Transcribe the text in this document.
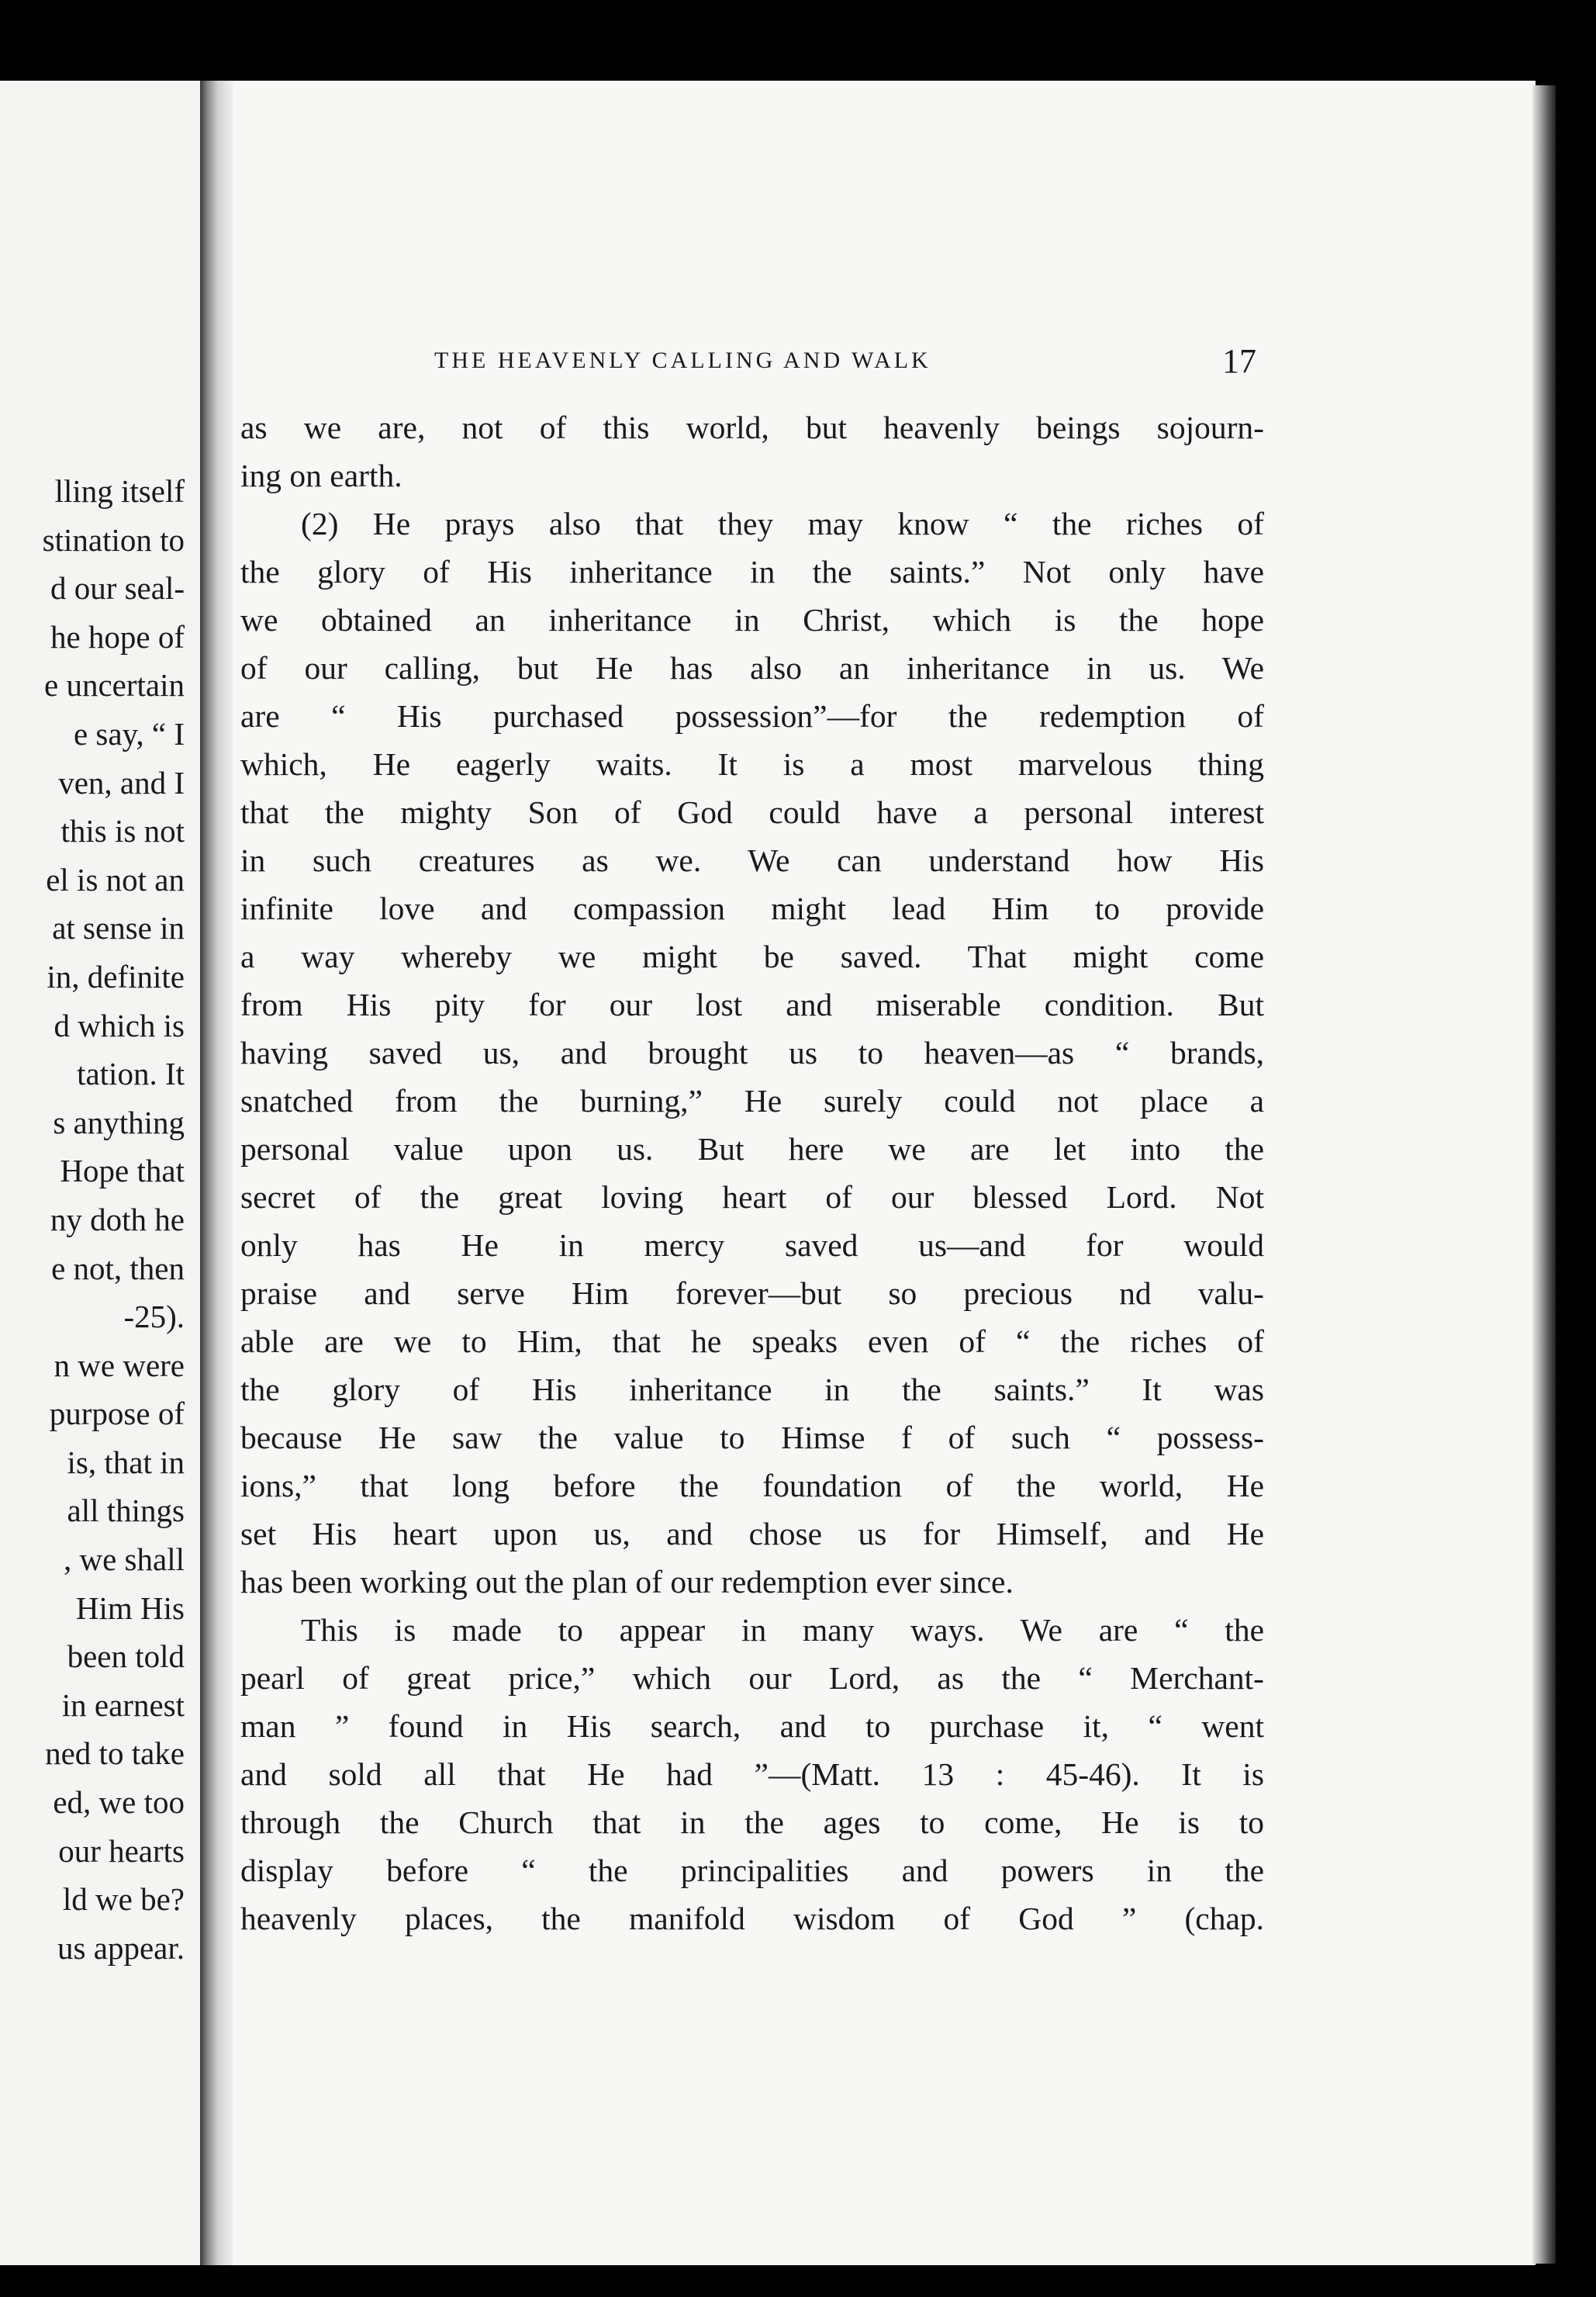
lling itself
stination to
d our seal-
he hope of
e uncertain
e say, “ I
ven, and I
this is not
el is not an
at sense in
in, definite
d which is
tation. It
s anything
Hope that
ny doth he
e not, then
-25).
n we were
purpose of
is, that in
all things
, we shall
Him His
been told
in earnest
ned to take
ed, we too
our hearts
ld we be?
us appear.
THE HEAVENLY CALLING AND WALK	17
as we are, not of this world, but heavenly beings sojourn-
ing on earth.
(2) He prays also that they may know “ the riches of
the glory of His inheritance in the saints.” Not only have
we obtained an inheritance in Christ, which is the hope
of our calling, but He has also an inheritance in us. We
are “ His purchased possession”—for the redemption of
which, He eagerly waits. It is a most marvelous thing
that the mighty Son of God could have a personal interest
in such creatures as we. We can understand how His
infinite love and compassion might lead Him to provide
a way whereby we might be saved. That might come
from His pity for our lost and miserable condition. But
having saved us, and brought us to heaven—as “ brands,
snatched from the burning,” He surely could not place a
personal value upon us. But here we are let into the
secret of the great loving heart of our blessed Lord. Not
only has He in mercy saved us—and for would
praise and serve Him forever—but so precious nd valu-
able are we to Him, that he speaks even of “ the riches of
the glory of His inheritance in the saints.” It was
because He saw the value to Himse f of such “ possess-
ions,” that long before the foundation of the world, He
set His heart upon us, and chose us for Himself, and He
has been working out the plan of our redemption ever since.
This is made to appear in many ways. We are “ the
pearl of great price,” which our Lord, as the “ Merchant-
man ” found in His search, and to purchase it, “ went
and sold all that He had ”—(Matt. 13 : 45-46). It is
through the Church that in the ages to come, He is to
display before “ the principalities and powers in the
heavenly places, the manifold wisdom of God ” (chap.
